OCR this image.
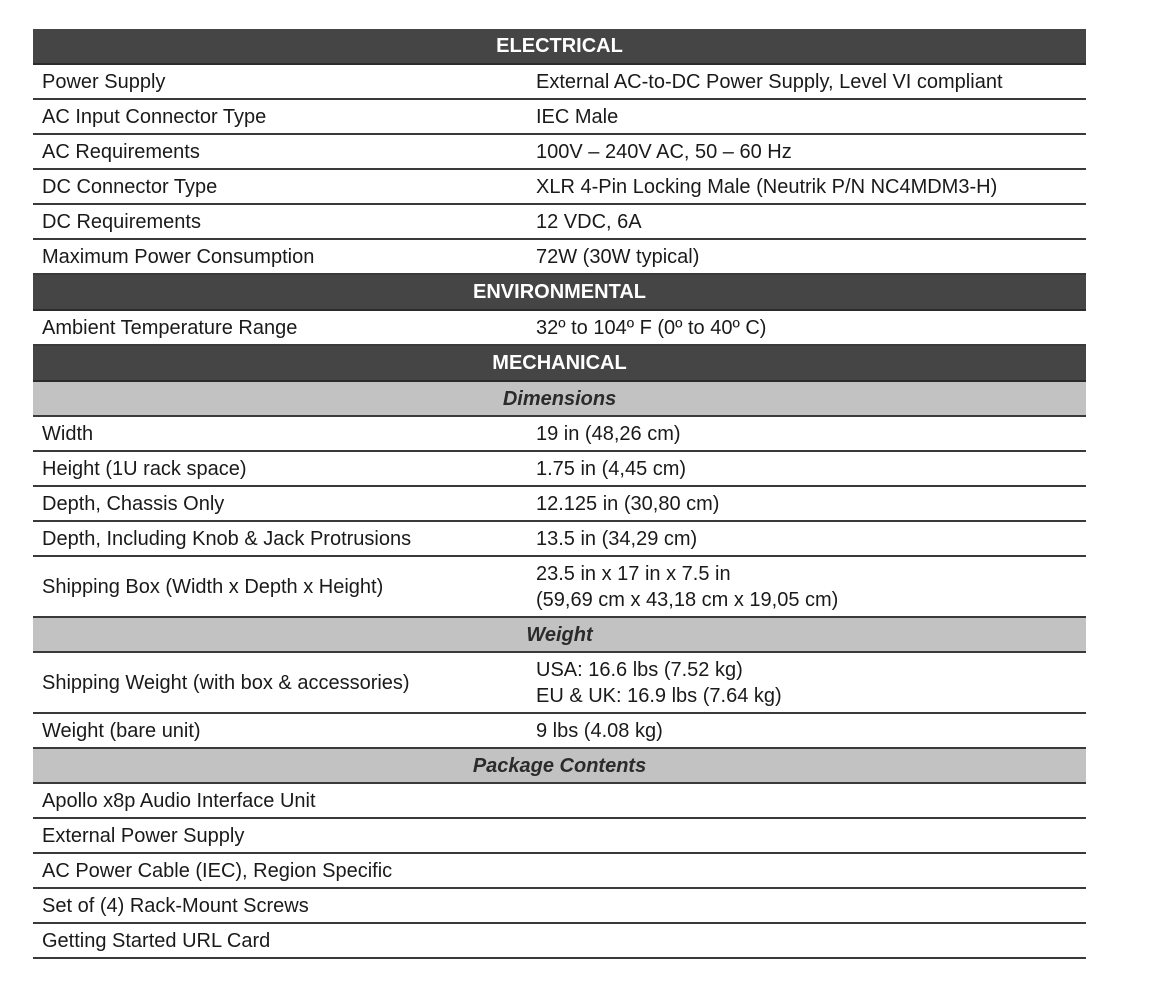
ELECTRICAL	
Power Supply	External AC-to-DC Power Supply, Level VI compliant
AC Input Connector Type	IEC Male
AC Requirements	100V – 240V AC, 50 – 60 Hz
DC Connector Type	XLR 4-Pin Locking Male (Neutrik P/N NC4MDM3-H)
DC Requirements	12 VDC, 6A
Maximum Power Consumption	72W (30W typical)
ENVIRONMENTAL	
Ambient Temperature Range	32º to 104º F (0º to 40º C)
MECHANICAL	
Dimensions	
Width	19 in (48,26 cm)
Height (1U rack space)	1.75 in (4,45 cm)
Depth, Chassis Only	12.125 in (30,80 cm)
Depth, Including Knob & Jack Protrusions	13.5 in (34,29 cm)
Shipping Box (Width x Depth x Height)	23.5 in x 17 in x 7.5 in
(59,69 cm x 43,18 cm x 19,05 cm)

Weight	
Shipping Weight (with box & accessories)	USA: 16.6 lbs (7.52 kg)
EU & UK: 16.9 lbs (7.64 kg)

Weight (bare unit)	9 lbs (4.08 kg)
Package Contents	
Apollo x8p Audio Interface Unit	
External Power Supply	
AC Power Cable (IEC), Region Specific	
Set of (4) Rack-Mount Screws	
Getting Started URL Card	
